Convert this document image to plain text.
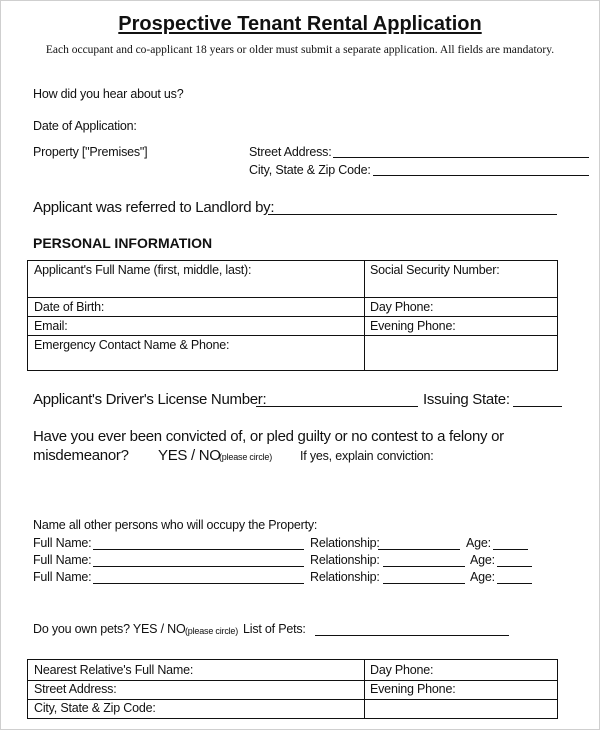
Prospective Tenant Rental Application
Each occupant and co-applicant 18 years or older must submit a separate application. All fields are mandatory.
How did you hear about us?
Date of Application:
Property ["Premises"]	Street Address:
City, State & Zip Code:
Applicant was referred to Landlord by:
PERSONAL INFORMATION
Applicant's Full Name (first, middle, last):	Social Security Number:
Date of Birth:	Day Phone:
Email:	Evening Phone:
Emergency Contact Name & Phone:
Applicant's Driver's License Number:	Issuing State:
Have you ever been convicted of, or pled guilty or no contest to a felony or
misdemeanor? YES / NO
(please circle) If yes, explain conviction:
Name all other persons who will occupy the Property:
Full Name:	Relationship:	Age:
Full Name:	Relationship:	Age:
Full Name:	Relationship:	Age:
Do you own pets? YES / NO (please circle) List of Pets:
Nearest Relative's Full Name:	Day Phone:
Street Address:	Evening Phone:
City, State & Zip Code:
